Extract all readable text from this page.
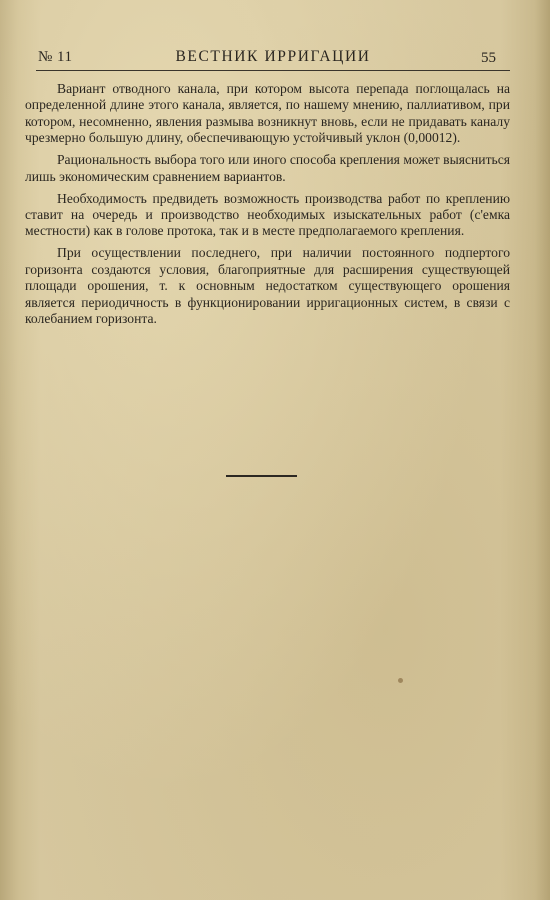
№ 11	ВЕСТНИК ИРРИГАЦИИ	55

Вариант отводного канала, при котором высота перепада поглощалась на определенной длине этого канала, является, по нашему мнению, паллиативом, при котором, несомненно, явления размыва возникнут вновь, если не придавать каналу чрезмерно большую длину, обеспечивающую устойчивый уклон (0,00012).

Рациональность выбора того или иного способа крепления может выясниться лишь экономическим сравнением вариантов.

Необходимость предвидеть возможность производства работ по креплению ставит на очередь и производство необходимых изыскательных работ (с'емка местности) как в голове протока, так и в месте предполагаемого крепления.

При осуществлении последнего, при наличии постоянного подпертого горизонта создаются условия, благоприятные для расширения существующей площади орошения, т. к основным недостатком существующего орошения является периодичность в функционировании ирригационных систем, в связи с колебанием горизонта.
